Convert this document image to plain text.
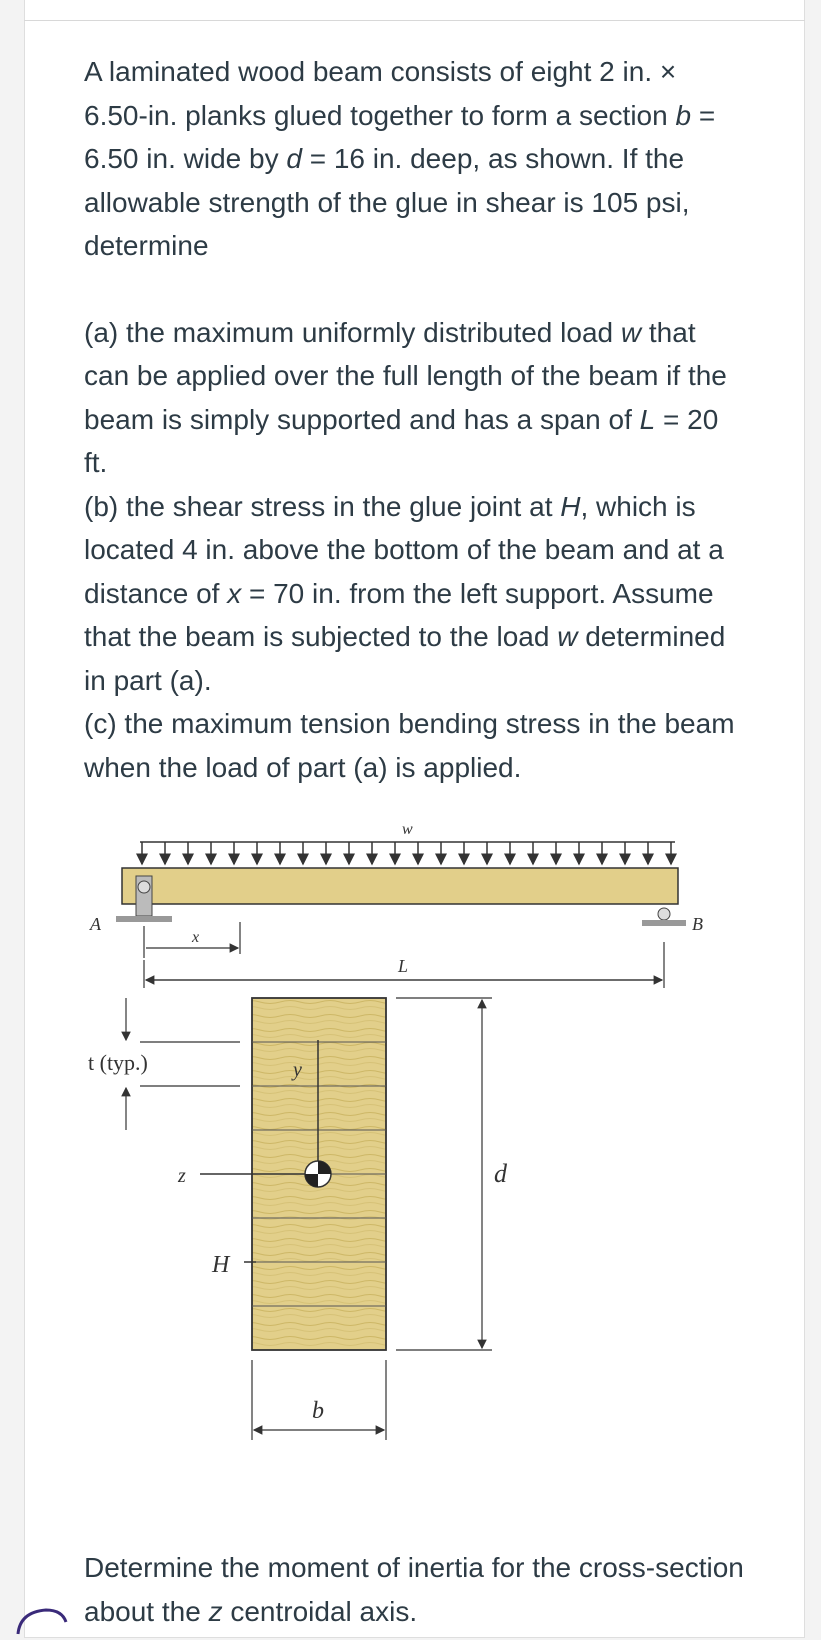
A laminated wood beam consists of eight 2 in. × 6.50-in. planks glued together to form a section b = 6.50 in. wide by d = 16 in. deep, as shown. If the allowable strength of the glue in shear is 105 psi, determine

(a) the maximum uniformly distributed load w that can be applied over the full length of the beam if the beam is simply supported and has a span of L = 20 ft.

(b) the shear stress in the glue joint at H, which is located 4 in. above the bottom of the beam and at a distance of x = 70 in. from the left support. Assume that the beam is subjected to the load w determined in part (a).

(c) the maximum tension bending stress in the beam when the load of part (a) is applied.

w
A	B
x
L
t (typ.)	y
z
H
d
b
Determine the moment of inertia for the cross-section about the z centroidal axis.
